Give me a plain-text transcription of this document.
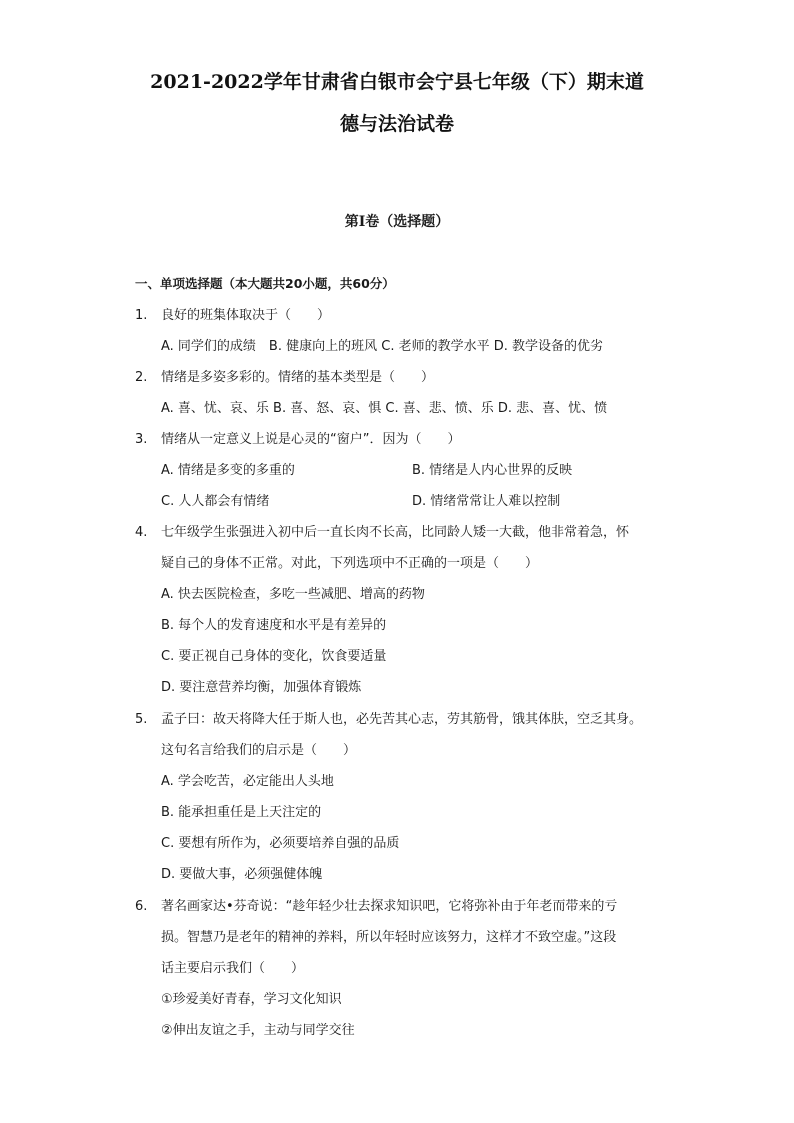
2021-2022学年甘肃省白银市会宁县七年级（下）期末道
德与法治试卷
第I卷（选择题）
一、单项选择题（本大题共20小题，共60分）
1. 良好的班集体取决于（　　）
A. 同学们的成绩　B. 健康向上的班风 C. 老师的教学水平 D. 教学设备的优劣
2. 情绪是多姿多彩的。情绪的基本类型是（　　）
A. 喜、忧、哀、乐 B. 喜、怒、哀、惧 C. 喜、悲、愤、乐 D. 悲、喜、忧、愤
3. 情绪从一定意义上说是心灵的“窗户”．因为（　　）
A. 情绪是多变的多重的	B. 情绪是人内心世界的反映
C. 人人都会有情绪	D. 情绪常常让人难以控制
4. 七年级学生张强进入初中后一直长肉不长高，比同龄人矮一大截，他非常着急，怀
疑自己的身体不正常。对此，下列选项中不正确的一项是（　　）
A. 快去医院检查，多吃一些减肥、增高的药物
B. 每个人的发育速度和水平是有差异的
C. 要正视自己身体的变化，饮食要适量
D. 要注意营养均衡，加强体育锻炼
5. 孟子曰：故天将降大任于斯人也，必先苦其心志，劳其筋骨，饿其体肤，空乏其身。
这句名言给我们的启示是（　　）
A. 学会吃苦，必定能出人头地
B. 能承担重任是上天注定的
C. 要想有所作为，必须要培养自强的品质
D. 要做大事，必须强健体魄
6. 著名画家达•芬奇说：“趁年轻少壮去探求知识吧，它将弥补由于年老而带来的亏
损。智慧乃是老年的精神的养料，所以年轻时应该努力，这样才不致空虚。”这段
话主要启示我们（　　）
①珍爱美好青春，学习文化知识
②伸出友谊之手，主动与同学交往
